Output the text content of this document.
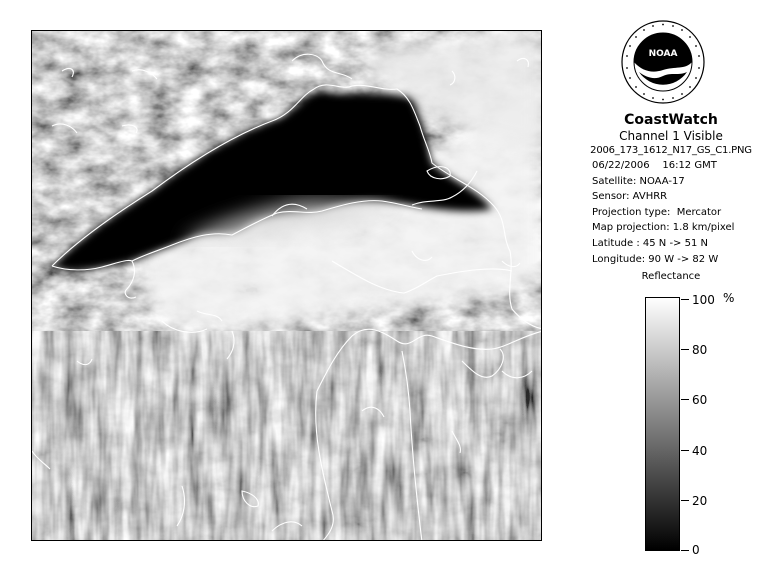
NOAA
CoastWatch
Channel 1 Visible
2006_173_1612_N17_GS_C1.PNG
06/22/2006    16:12 GMT
Satellite: NOAA-17
Sensor: AVHRR
Projection type:  Mercator
Map projection: 1.8 km/pixel
Latitude : 45 N -> 51 N
Longitude: 90 W -> 82 W
Reflectance
%
100
80
60
40
20
0
